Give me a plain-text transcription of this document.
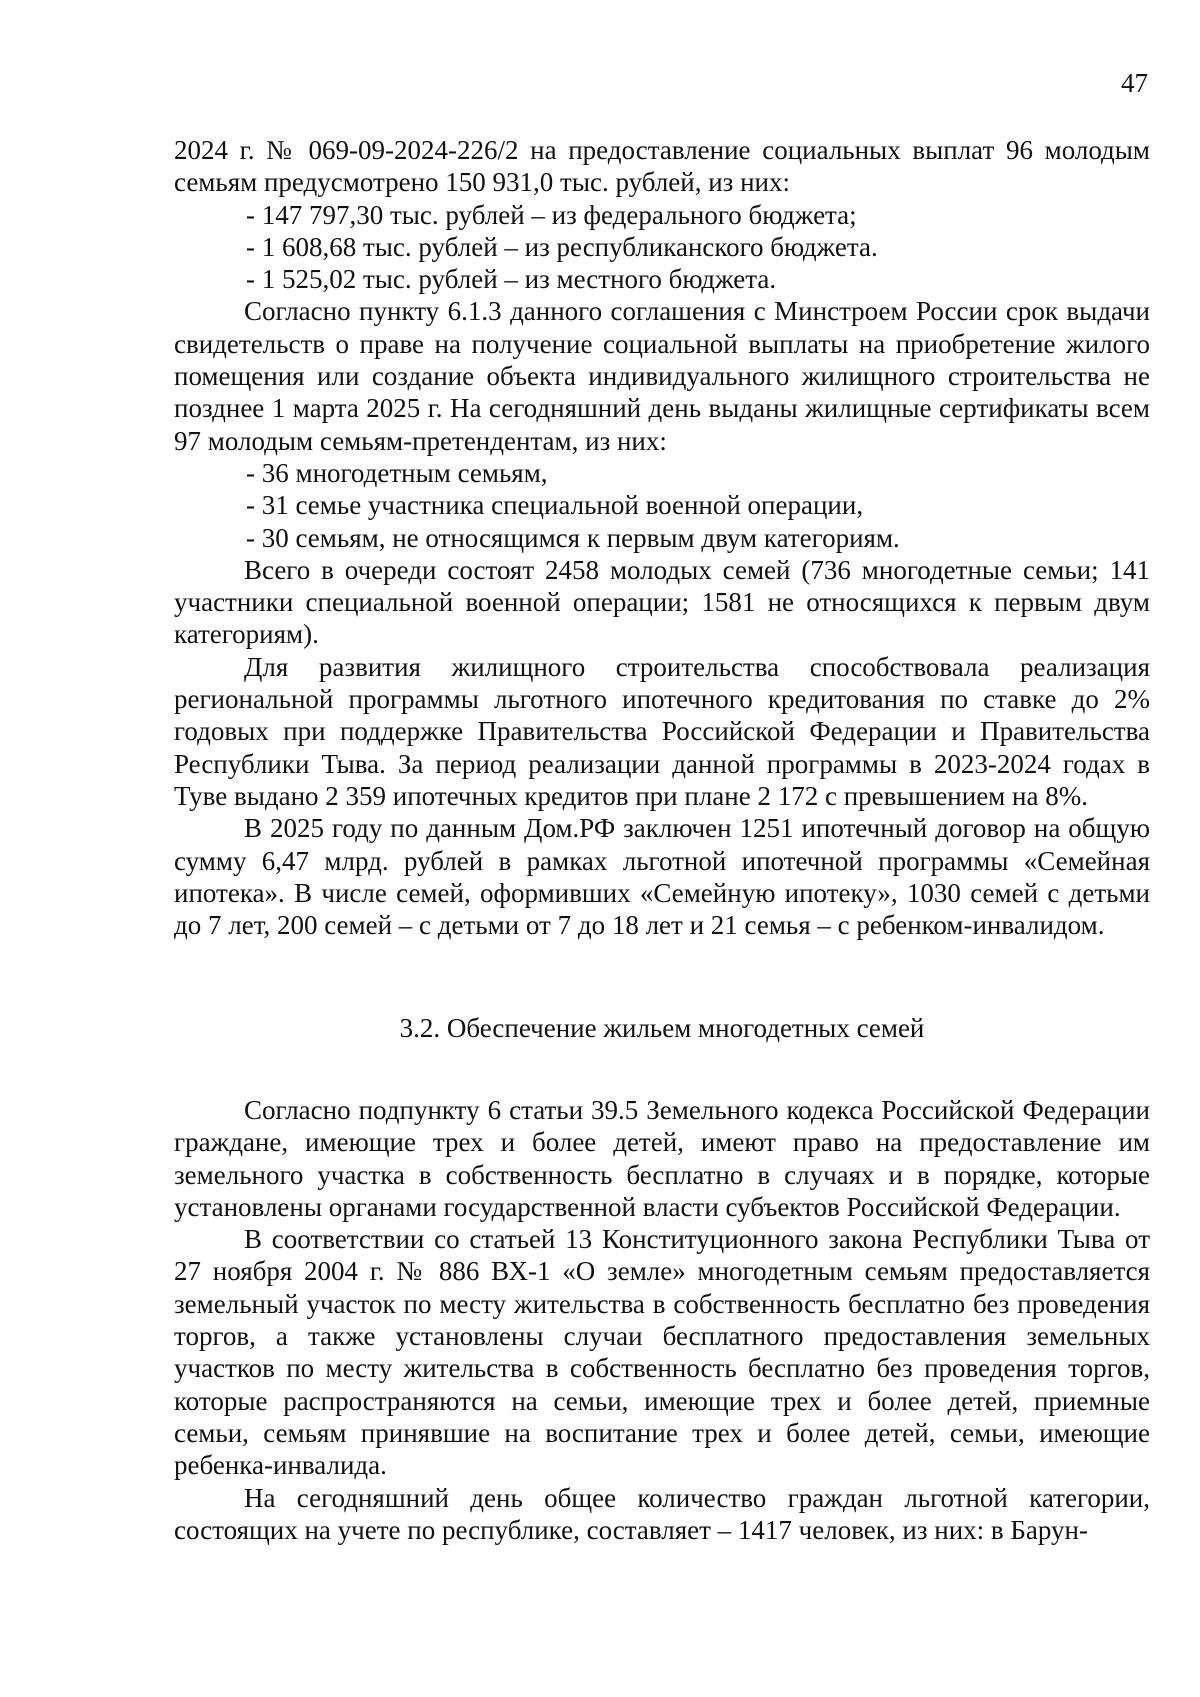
47

2024 г. № 069-09-2024-226/2 на предоставление социальных выплат 96 молодым семьям предусмотрено 150 931,0 тыс. рублей, из них:

- 147 797,30 тыс. рублей – из федерального бюджета;

- 1 608,68 тыс. рублей – из республиканского бюджета.

- 1 525,02 тыс. рублей – из местного бюджета.

Согласно пункту 6.1.3 данного соглашения с Минстроем России срок выдачи свидетельств о праве на получение социальной выплаты на приобретение жилого помещения или создание объекта индивидуального жилищного строительства не позднее 1 марта 2025 г. На сегодняшний день выданы жилищные сертификаты всем 97 молодым семьям-претендентам, из них:

- 36 многодетным семьям,

- 31 семье участника специальной военной операции,

- 30 семьям, не относящимся к первым двум категориям.

Всего в очереди состоят 2458 молодых семей (736 многодетные семьи; 141 участники специальной военной операции; 1581 не относящихся к первым двум категориям).

Для развития жилищного строительства способствовала реализация региональной программы льготного ипотечного кредитования по ставке до 2% годовых при поддержке Правительства Российской Федерации и Правительства Республики Тыва. За период реализации данной программы в 2023-2024 годах в Туве выдано 2 359 ипотечных кредитов при плане 2 172 с превышением на 8%.

В 2025 году по данным Дом.РФ заключен 1251 ипотечный договор на общую сумму 6,47 млрд. рублей в рамках льготной ипотечной программы «Семейная ипотека». В числе семей, оформивших «Семейную ипотеку», 1030 семей с детьми до 7 лет, 200 семей – с детьми от 7 до 18 лет и 21 семья – с ребенком-инвалидом.

3.2. Обеспечение жильем многодетных семей

Согласно подпункту 6 статьи 39.5 Земельного кодекса Российской Федерации граждане, имеющие трех и более детей, имеют право на предоставление им земельного участка в собственность бесплатно в случаях и в порядке, которые установлены органами государственной власти субъектов Российской Федерации.

В соответствии со статьей 13 Конституционного закона Республики Тыва от 27 ноября 2004 г. № 886 ВХ-1 «О земле» многодетным семьям предоставляется земельный участок по месту жительства в собственность бесплатно без проведения торгов, а также установлены случаи бесплатного предоставления земельных участков по месту жительства в собственность бесплатно без проведения торгов, которые распространяются на семьи, имеющие трех и более детей, приемные семьи, семьям принявшие на воспитание трех и более детей, семьи, имеющие ребенка-инвалида.

На сегодняшний день общее количество граждан льготной категории, состоящих на учете по республике, составляет – 1417 человек, из них: в Барун-
